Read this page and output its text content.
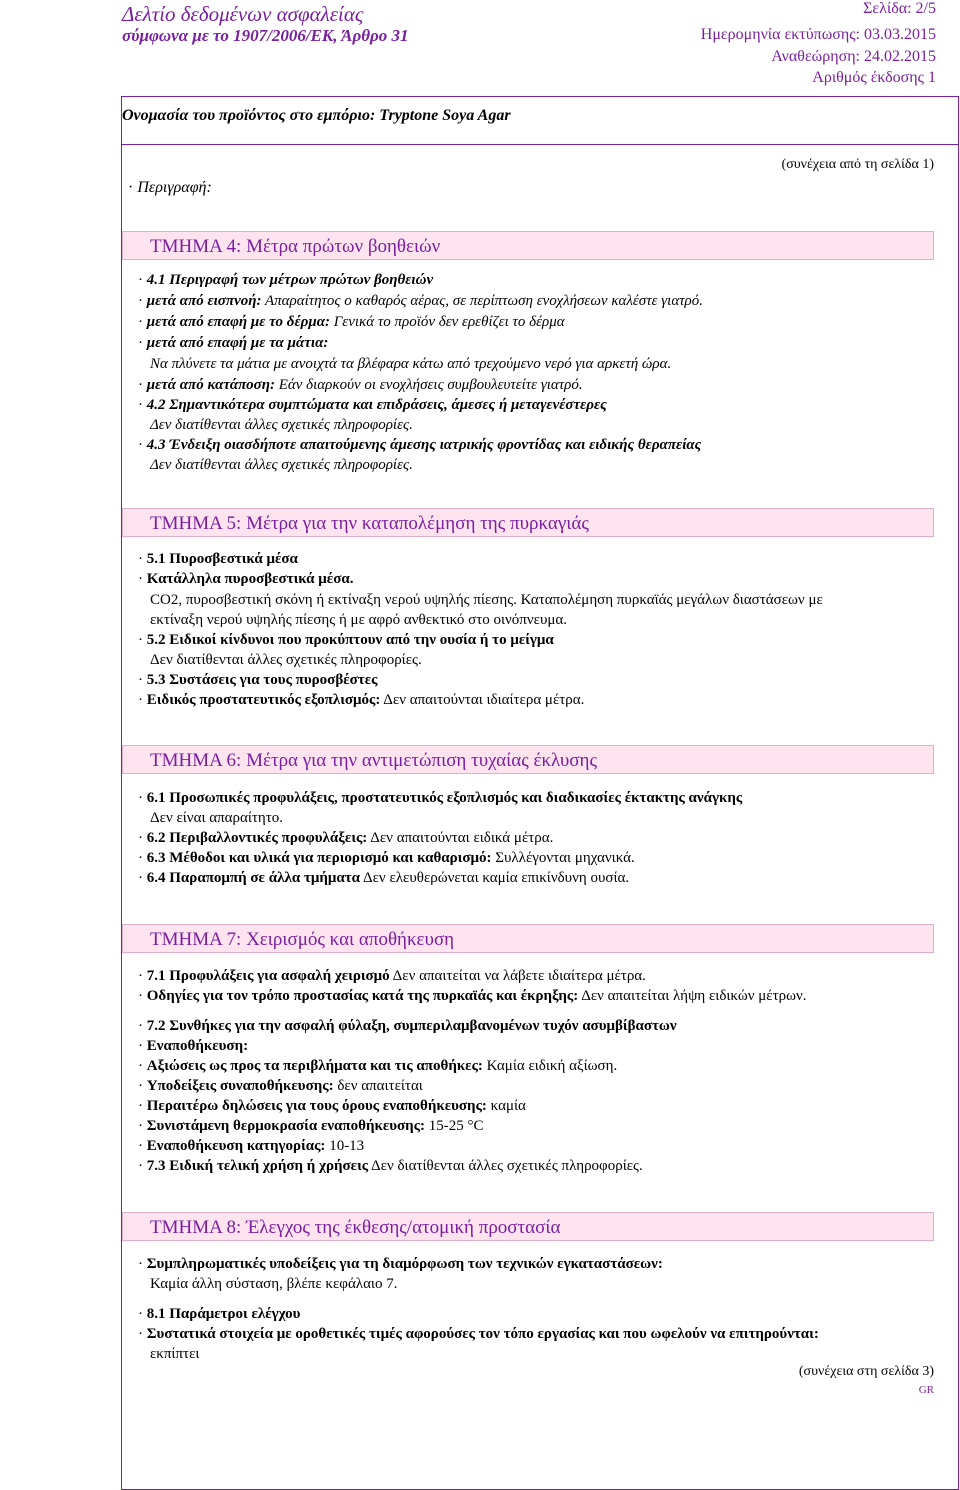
Δελτίο δεδομένων ασφαλείας
σύμφωνα με το 1907/2006/ΕΚ, Άρθρο 31
Σελίδα: 2/5
Ημερομηνία εκτύπωσης: 03.03.2015
Αναθεώρηση: 24.02.2015
Αριθμός έκδοσης 1
Ονομασία του προϊόντος στο εμπόριο: Tryptone Soya Agar
· Περιγραφή:
(συνέχεια από τη σελίδα 1)
ΤΜΗΜΑ 4: Μέτρα πρώτων βοηθειών
· 4.1 Περιγραφή των μέτρων πρώτων βοηθειών
· μετά από εισπνοή: Απαραίτητος ο καθαρός αέρας, σε περίπτωση ενοχλήσεων καλέστε γιατρό.
· μετά από επαφή με το δέρμα: Γενικά το προϊόν δεν ερεθίζει το δέρμα
· μετά από επαφή με τα μάτια:
Να πλύνετε τα μάτια με ανοιχτά τα βλέφαρα κάτω από τρεχούμενο νερό για αρκετή ώρα.
· μετά από κατάποση: Εάν διαρκούν οι ενοχλήσεις συμβουλευτείτε γιατρό.
· 4.2 Σημαντικότερα συμπτώματα και επιδράσεις, άμεσες ή μεταγενέστερες
Δεν διατίθενται άλλες σχετικές πληροφορίες.
· 4.3 Ένδειξη οιασδήποτε απαιτούμενης άμεσης ιατρικής φροντίδας και ειδικής θεραπείας
Δεν διατίθενται άλλες σχετικές πληροφορίες.
ΤΜΗΜΑ 5: Μέτρα για την καταπολέμηση της πυρκαγιάς
· 5.1 Πυροσβεστικά μέσα
· Κατάλληλα πυροσβεστικά μέσα.
CO2, πυροσβεστική σκόνη ή εκτίναξη νερού υψηλής πίεσης. Καταπολέμηση πυρκαϊάς μεγάλων διαστάσεων με
εκτίναξη νερού υψηλής πίεσης ή με αφρό ανθεκτικό στο οινόπνευμα.
· 5.2 Ειδικοί κίνδυνοι που προκύπτουν από την ουσία ή το μείγμα
Δεν διατίθενται άλλες σχετικές πληροφορίες.
· 5.3 Συστάσεις για τους πυροσβέστες
· Ειδικός προστατευτικός εξοπλισμός: Δεν απαιτούνται ιδιαίτερα μέτρα.
ΤΜΗΜΑ 6: Μέτρα για την αντιμετώπιση τυχαίας έκλυσης
· 6.1 Προσωπικές προφυλάξεις, προστατευτικός εξοπλισμός και διαδικασίες έκτακτης ανάγκης
Δεν είναι απαραίτητο.
· 6.2 Περιβαλλοντικές προφυλάξεις: Δεν απαιτούνται ειδικά μέτρα.
· 6.3 Μέθοδοι και υλικά για περιορισμό και καθαρισμό: Συλλέγονται μηχανικά.
· 6.4 Παραπομπή σε άλλα τμήματα Δεν ελευθερώνεται καμία επικίνδυνη ουσία.
ΤΜΗΜΑ 7: Χειρισμός και αποθήκευση
· 7.1 Προφυλάξεις για ασφαλή χειρισμό Δεν απαιτείται να λάβετε ιδιαίτερα μέτρα.
· Οδηγίες για τον τρόπο προστασίας κατά της πυρκαϊάς και έκρηξης: Δεν απαιτείται λήψη ειδικών μέτρων.
· 7.2 Συνθήκες για την ασφαλή φύλαξη, συμπεριλαμβανομένων τυχόν ασυμβίβαστων
· Εναποθήκευση:
· Αξιώσεις ως προς τα περιβλήματα και τις αποθήκες: Καμία ειδική αξίωση.
· Υποδείξεις συναποθήκευσης: δεν απαιτείται
· Περαιτέρω δηλώσεις για τους όρους εναποθήκευσης: καμία
· Συνιστάμενη θερμοκρασία εναποθήκευσης: 15-25 °C
· Εναποθήκευση κατηγορίας: 10-13
· 7.3 Ειδική τελική χρήση ή χρήσεις Δεν διατίθενται άλλες σχετικές πληροφορίες.
ΤΜΗΜΑ 8: Έλεγχος της έκθεσης/ατομική προστασία
· Συμπληρωματικές υποδείξεις για τη διαμόρφωση των τεχνικών εγκαταστάσεων:
Καμία άλλη σύσταση, βλέπε κεφάλαιο 7.
· 8.1 Παράμετροι ελέγχου
· Συστατικά στοιχεία με οροθετικές τιμές αφορούσες τον τόπο εργασίας και που ωφελούν να επιτηρούνται:
εκπίπτει
(συνέχεια στη σελίδα 3)
GR
